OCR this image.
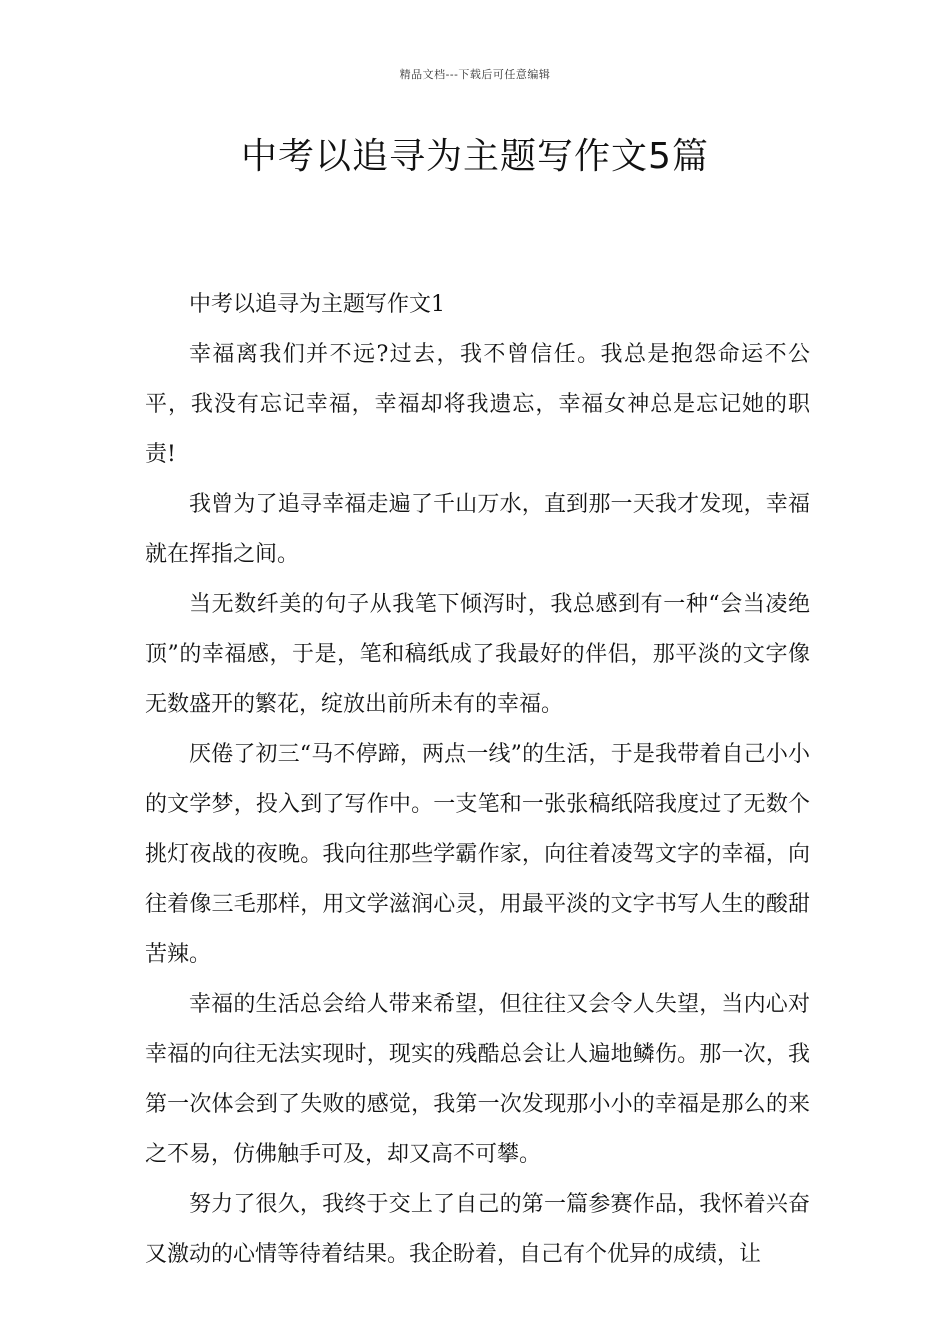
精品文档---下载后可任意编辑
中考以追寻为主题写作文5篇

中考以追寻为主题写作文1

幸福离我们并不远?过去，我不曾信任。我总是抱怨命运不公平，我没有忘记幸福，幸福却将我遗忘，幸福女神总是忘记她的职责!

我曾为了追寻幸福走遍了千山万水，直到那一天我才发现，幸福就在挥指之间。

当无数纤美的句子从我笔下倾泻时，我总感到有一种“会当凌绝顶”的幸福感，于是，笔和稿纸成了我最好的伴侣，那平淡的文字像无数盛开的繁花，绽放出前所未有的幸福。

厌倦了初三“马不停蹄，两点一线”的生活，于是我带着自己小小的文学梦，投入到了写作中。一支笔和一张张稿纸陪我度过了无数个挑灯夜战的夜晚。我向往那些学霸作家，向往着凌驾文字的幸福，向往着像三毛那样，用文学滋润心灵，用最平淡的文字书写人生的酸甜苦辣。

幸福的生活总会给人带来希望，但往往又会令人失望，当内心对幸福的向往无法实现时，现实的残酷总会让人遍地鳞伤。那一次，我第一次体会到了失败的感觉，我第一次发现那小小的幸福是那么的来之不易，仿佛触手可及，却又高不可攀。

努力了很久，我终于交上了自己的第一篇参赛作品，我怀着兴奋又激动的心情等待着结果。我企盼着，自己有个优异的成绩，让
